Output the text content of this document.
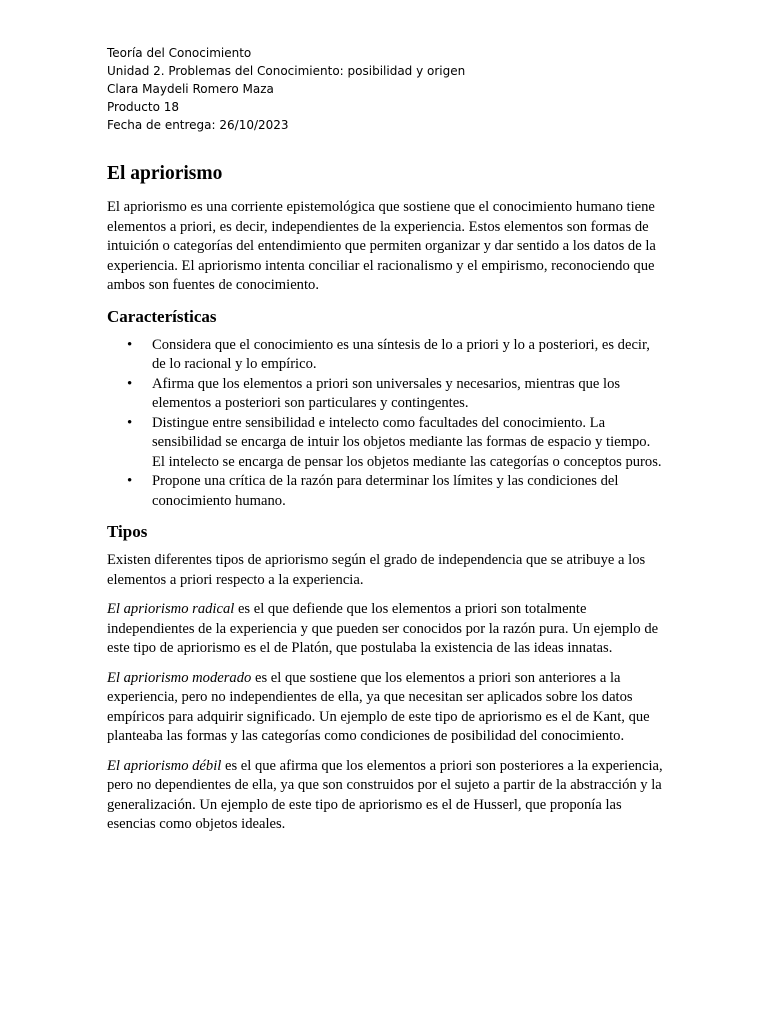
Teoría del Conocimiento
Unidad 2. Problemas del Conocimiento: posibilidad y origen
Clara Maydeli Romero Maza
Producto 18
Fecha de entrega: 26/10/2023
El apriorismo

El apriorismo es una corriente epistemológica que sostiene que el conocimiento humano tiene elementos a priori, es decir, independientes de la experiencia. Estos elementos son formas de intuición o categorías del entendimiento que permiten organizar y dar sentido a los datos de la experiencia. El apriorismo intenta conciliar el racionalismo y el empirismo, reconociendo que ambos son fuentes de conocimiento.

Características
• Considera que el conocimiento es una síntesis de lo a priori y lo a posteriori, es decir, de lo racional y lo empírico.
• Afirma que los elementos a priori son universales y necesarios, mientras que los elementos a posteriori son particulares y contingentes.
• Distingue entre sensibilidad e intelecto como facultades del conocimiento. La sensibilidad se encarga de intuir los objetos mediante las formas de espacio y tiempo. El intelecto se encarga de pensar los objetos mediante las categorías o conceptos puros.
• Propone una crítica de la razón para determinar los límites y las condiciones del conocimiento humano.
Tipos

Existen diferentes tipos de apriorismo según el grado de independencia que se atribuye a los elementos a priori respecto a la experiencia.

El apriorismo radical es el que defiende que los elementos a priori son totalmente independientes de la experiencia y que pueden ser conocidos por la razón pura. Un ejemplo de este tipo de apriorismo es el de Platón, que postulaba la existencia de las ideas innatas.

El apriorismo moderado es el que sostiene que los elementos a priori son anteriores a la experiencia, pero no independientes de ella, ya que necesitan ser aplicados sobre los datos empíricos para adquirir significado. Un ejemplo de este tipo de apriorismo es el de Kant, que planteaba las formas y las categorías como condiciones de posibilidad del conocimiento.

El apriorismo débil es el que afirma que los elementos a priori son posteriores a la experiencia, pero no dependientes de ella, ya que son construidos por el sujeto a partir de la abstracción y la generalización. Un ejemplo de este tipo de apriorismo es el de Husserl, que proponía las esencias como objetos ideales.
